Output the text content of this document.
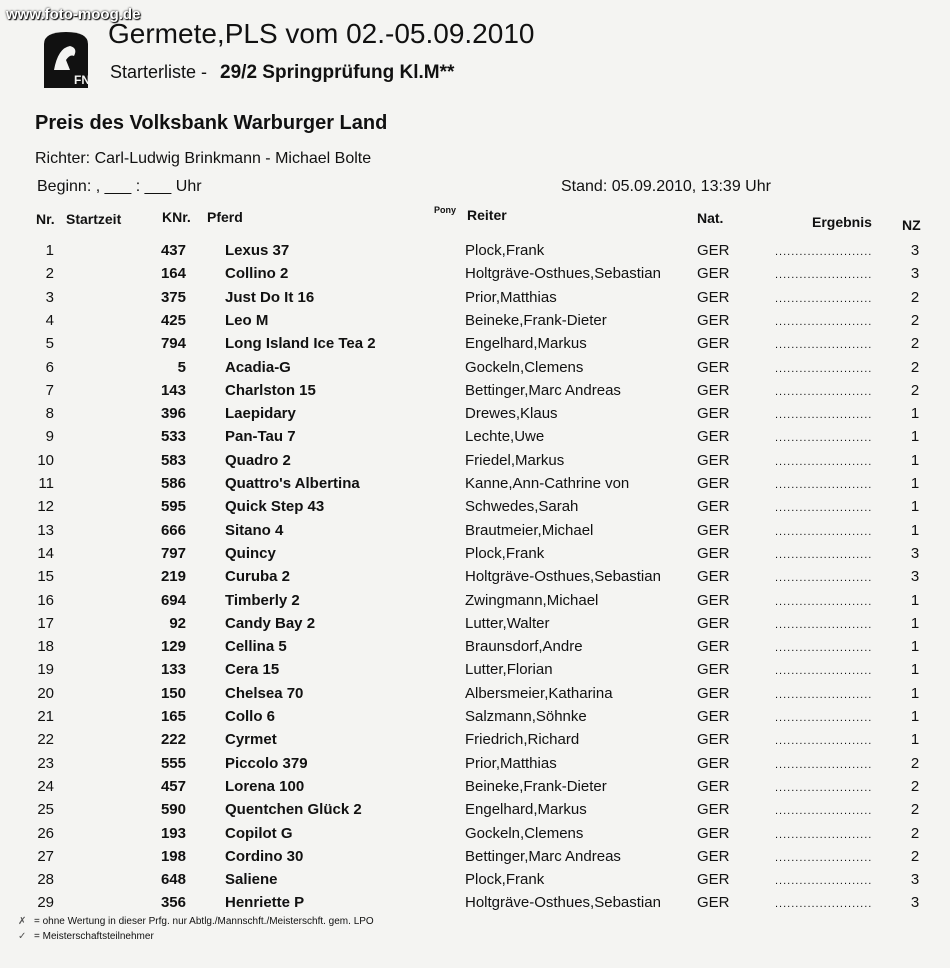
www.foto-moog.de
FN
Germete,PLS vom 02.-05.09.2010
Starterliste - 29/2 Springprüfung Kl.M**
Preis des Volksbank Warburger Land
Richter: Carl-Ludwig Brinkmann - Michael Bolte
Beginn: , ___ : ___ Uhr	Stand: 05.09.2010, 13:39 Uhr
Nr. Startzeit	KNr. Pferd	Pony Reiter	Nat.	Ergebnis NZ
1	437	Lexus 37	Plock,Frank	GER	........................	3
2	164	Collino 2	Holtgräve-Osthues,Sebastian GER	........................	3
3	375	Just Do It 16	Prior,Matthias	GER	........................	2
4	425	Leo M	Beineke,Frank-Dieter	GER	........................	2
5	794	Long Island Ice Tea 2	Engelhard,Markus	GER	........................	2
6	5	Acadia-G	Gockeln,Clemens	GER	........................	2
7	143	Charlston 15	Bettinger,Marc Andreas	GER	........................	2
8	396	Laepidary	Drewes,Klaus	GER	........................	1
9	533	Pan-Tau 7	Lechte,Uwe	GER	........................	1
10	583	Quadro 2	Friedel,Markus	GER	........................	1
11	586	Quattro's Albertina	Kanne,Ann-Cathrine von	GER	........................	1
12	595	Quick Step 43	Schwedes,Sarah	GER	........................	1
13	666	Sitano 4	Brautmeier,Michael	GER	........................	1
14	797	Quincy	Plock,Frank	GER	........................	3
15	219	Curuba 2	Holtgräve-Osthues,Sebastian GER	........................	3
16	694	Timberly 2	Zwingmann,Michael	GER	........................	1
17	92	Candy Bay 2	Lutter,Walter	GER	........................	1
18	129	Cellina 5	Braunsdorf,Andre	GER	........................	1
19	133	Cera 15	Lutter,Florian	GER	........................	1
20	150	Chelsea 70	Albersmeier,Katharina	GER	........................	1
21	165	Collo 6	Salzmann,Söhnke	GER	........................	1
22	222	Cyrmet	Friedrich,Richard	GER	........................	1
23	555	Piccolo 379	Prior,Matthias	GER	........................	2
24	457	Lorena 100	Beineke,Frank-Dieter	GER	........................	2
25	590	Quentchen Glück 2	Engelhard,Markus	GER	........................	2
26	193	Copilot G	Gockeln,Clemens	GER	........................	2
27	198	Cordino 30	Bettinger,Marc Andreas	GER	........................	2
28	648	Saliene	Plock,Frank	GER	........................	3
29	356	Henriette P	Holtgräve-Osthues,Sebastian GER	........................	3
✗ = ohne Wertung in dieser Prfg. nur Abtlg./Mannschft./Meisterschft. gem. LPO
✓ = Meisterschaftsteilnehmer
